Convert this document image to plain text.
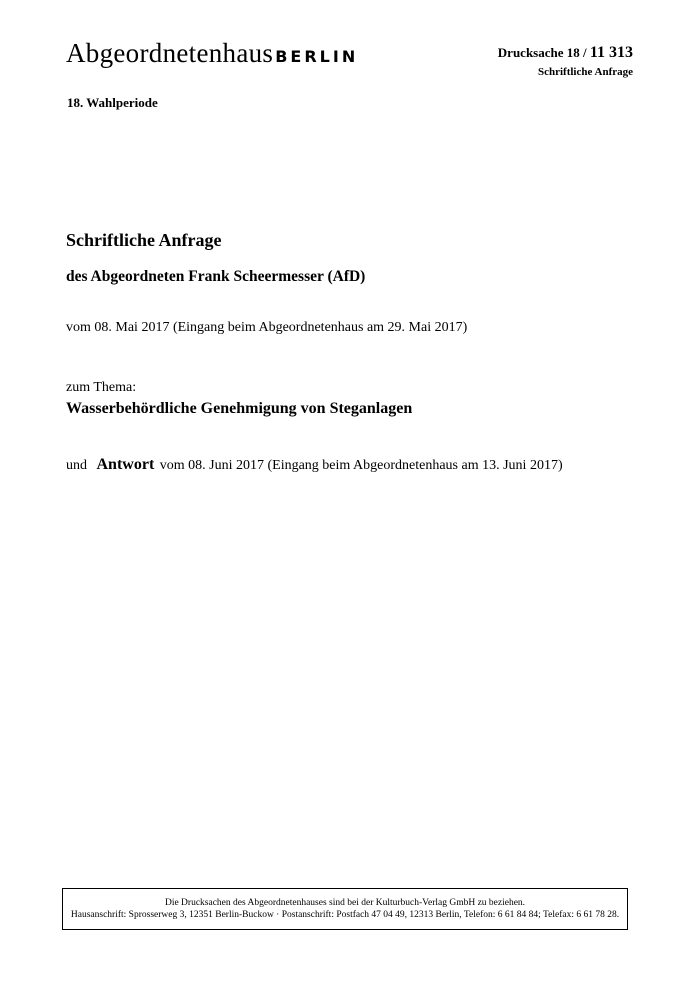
Abgeordnetenhaus BERLIN	Drucksache 18 / 11 313
Schriftliche Anfrage
18. Wahlperiode
Schriftliche Anfrage
des Abgeordneten Frank Scheermesser (AfD)
vom 08. Mai 2017 (Eingang beim Abgeordnetenhaus am 29. Mai 2017)
zum Thema:
Wasserbehördliche Genehmigung von Steganlagen
und Antwort vom 08. Juni 2017 (Eingang beim Abgeordnetenhaus am 13. Juni 2017)
Die Drucksachen des Abgeordnetenhauses sind bei der Kulturbuch-Verlag GmbH zu beziehen.
Hausanschrift: Sprosserweg 3, 12351 Berlin-Buckow · Postanschrift: Postfach 47 04 49, 12313 Berlin, Telefon: 6 61 84 84; Telefax: 6 61 78 28.
